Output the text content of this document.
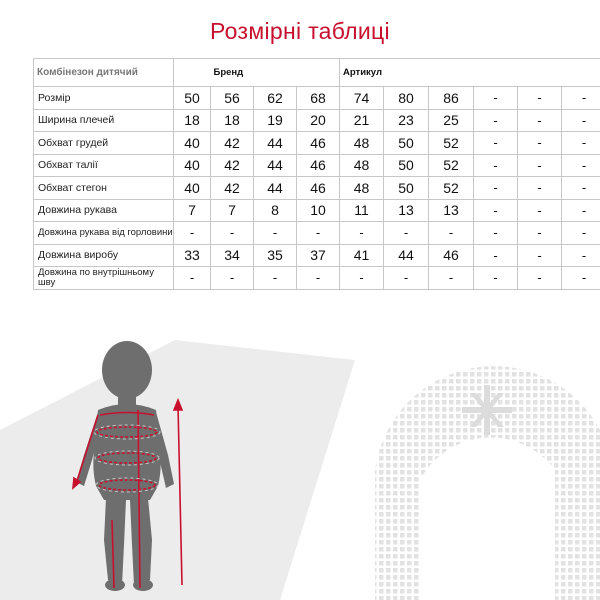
Розмірні таблиці
Комбінезон дитячий		Бренд			Артикул					
Розмір	50	56	62	68	74	80	86	-	-	-
Ширина плечей	18	18	19	20	21	23	25	-	-	-
Обхват грудей	40	42	44	46	48	50	52	-	-	-
Обхват талії	40	42	44	46	48	50	52	-	-	-
Обхват стегон	40	42	44	46	48	50	52	-	-	-
Довжина рукава	7	7	8	10	11	13	13	-	-	-
Довжина рукава від горловини	-	-	-	-	-	-	-	-	-	-
Довжина виробу	33	34	35	37	41	44	46	-	-	-
Довжина по внутрішньому шву	-	-	-	-	-	-	-	-	-	-
